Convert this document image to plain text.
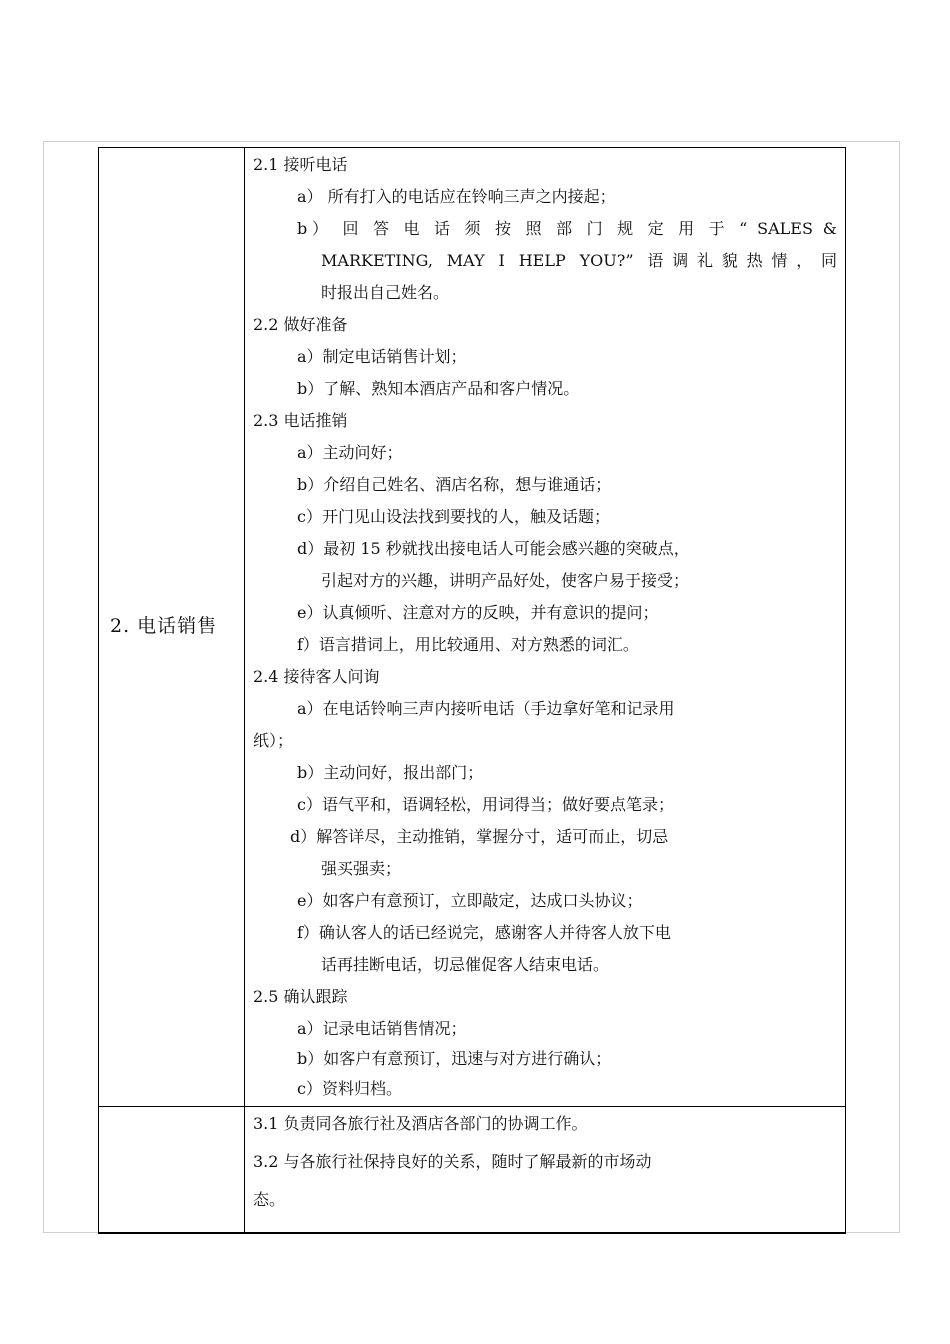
2. 电话销售
2.1 接听电话
a） 所有打入的电话应在铃响三声之内接起；
b） 回 答 电 话 须 按 照 部 门 规 定 用 于 “ SALES &
MARKETING, MAY I HELP YOU?” 语调礼貌热情，同
时报出自己姓名。
2.2 做好准备
a）制定电话销售计划；
b）了解、熟知本酒店产品和客户情况。
2.3 电话推销
a）主动问好；
b）介绍自己姓名、酒店名称，想与谁通话；
c）开门见山设法找到要找的人，触及话题；
d）最初 15 秒就找出接电话人可能会感兴趣的突破点，
引起对方的兴趣，讲明产品好处，使客户易于接受；
e）认真倾听、注意对方的反映，并有意识的提问；
f）语言措词上，用比较通用、对方熟悉的词汇。
2.4 接待客人问询
a）在电话铃响三声内接听电话（手边拿好笔和记录用
纸）；
b）主动问好，报出部门；
c）语气平和，语调轻松，用词得当；做好要点笔录；
d）解答详尽，主动推销，掌握分寸，适可而止，切忌
强买强卖；
e）如客户有意预订，立即敲定，达成口头协议；
f）确认客人的话已经说完，感谢客人并待客人放下电
话再挂断电话，切忌催促客人结束电话。
2.5 确认跟踪
a）记录电话销售情况；
b）如客户有意预订，迅速与对方进行确认；
c）资料归档。
3.1 负责同各旅行社及酒店各部门的协调工作。
3.2 与各旅行社保持良好的关系，随时了解最新的市场动
态。
